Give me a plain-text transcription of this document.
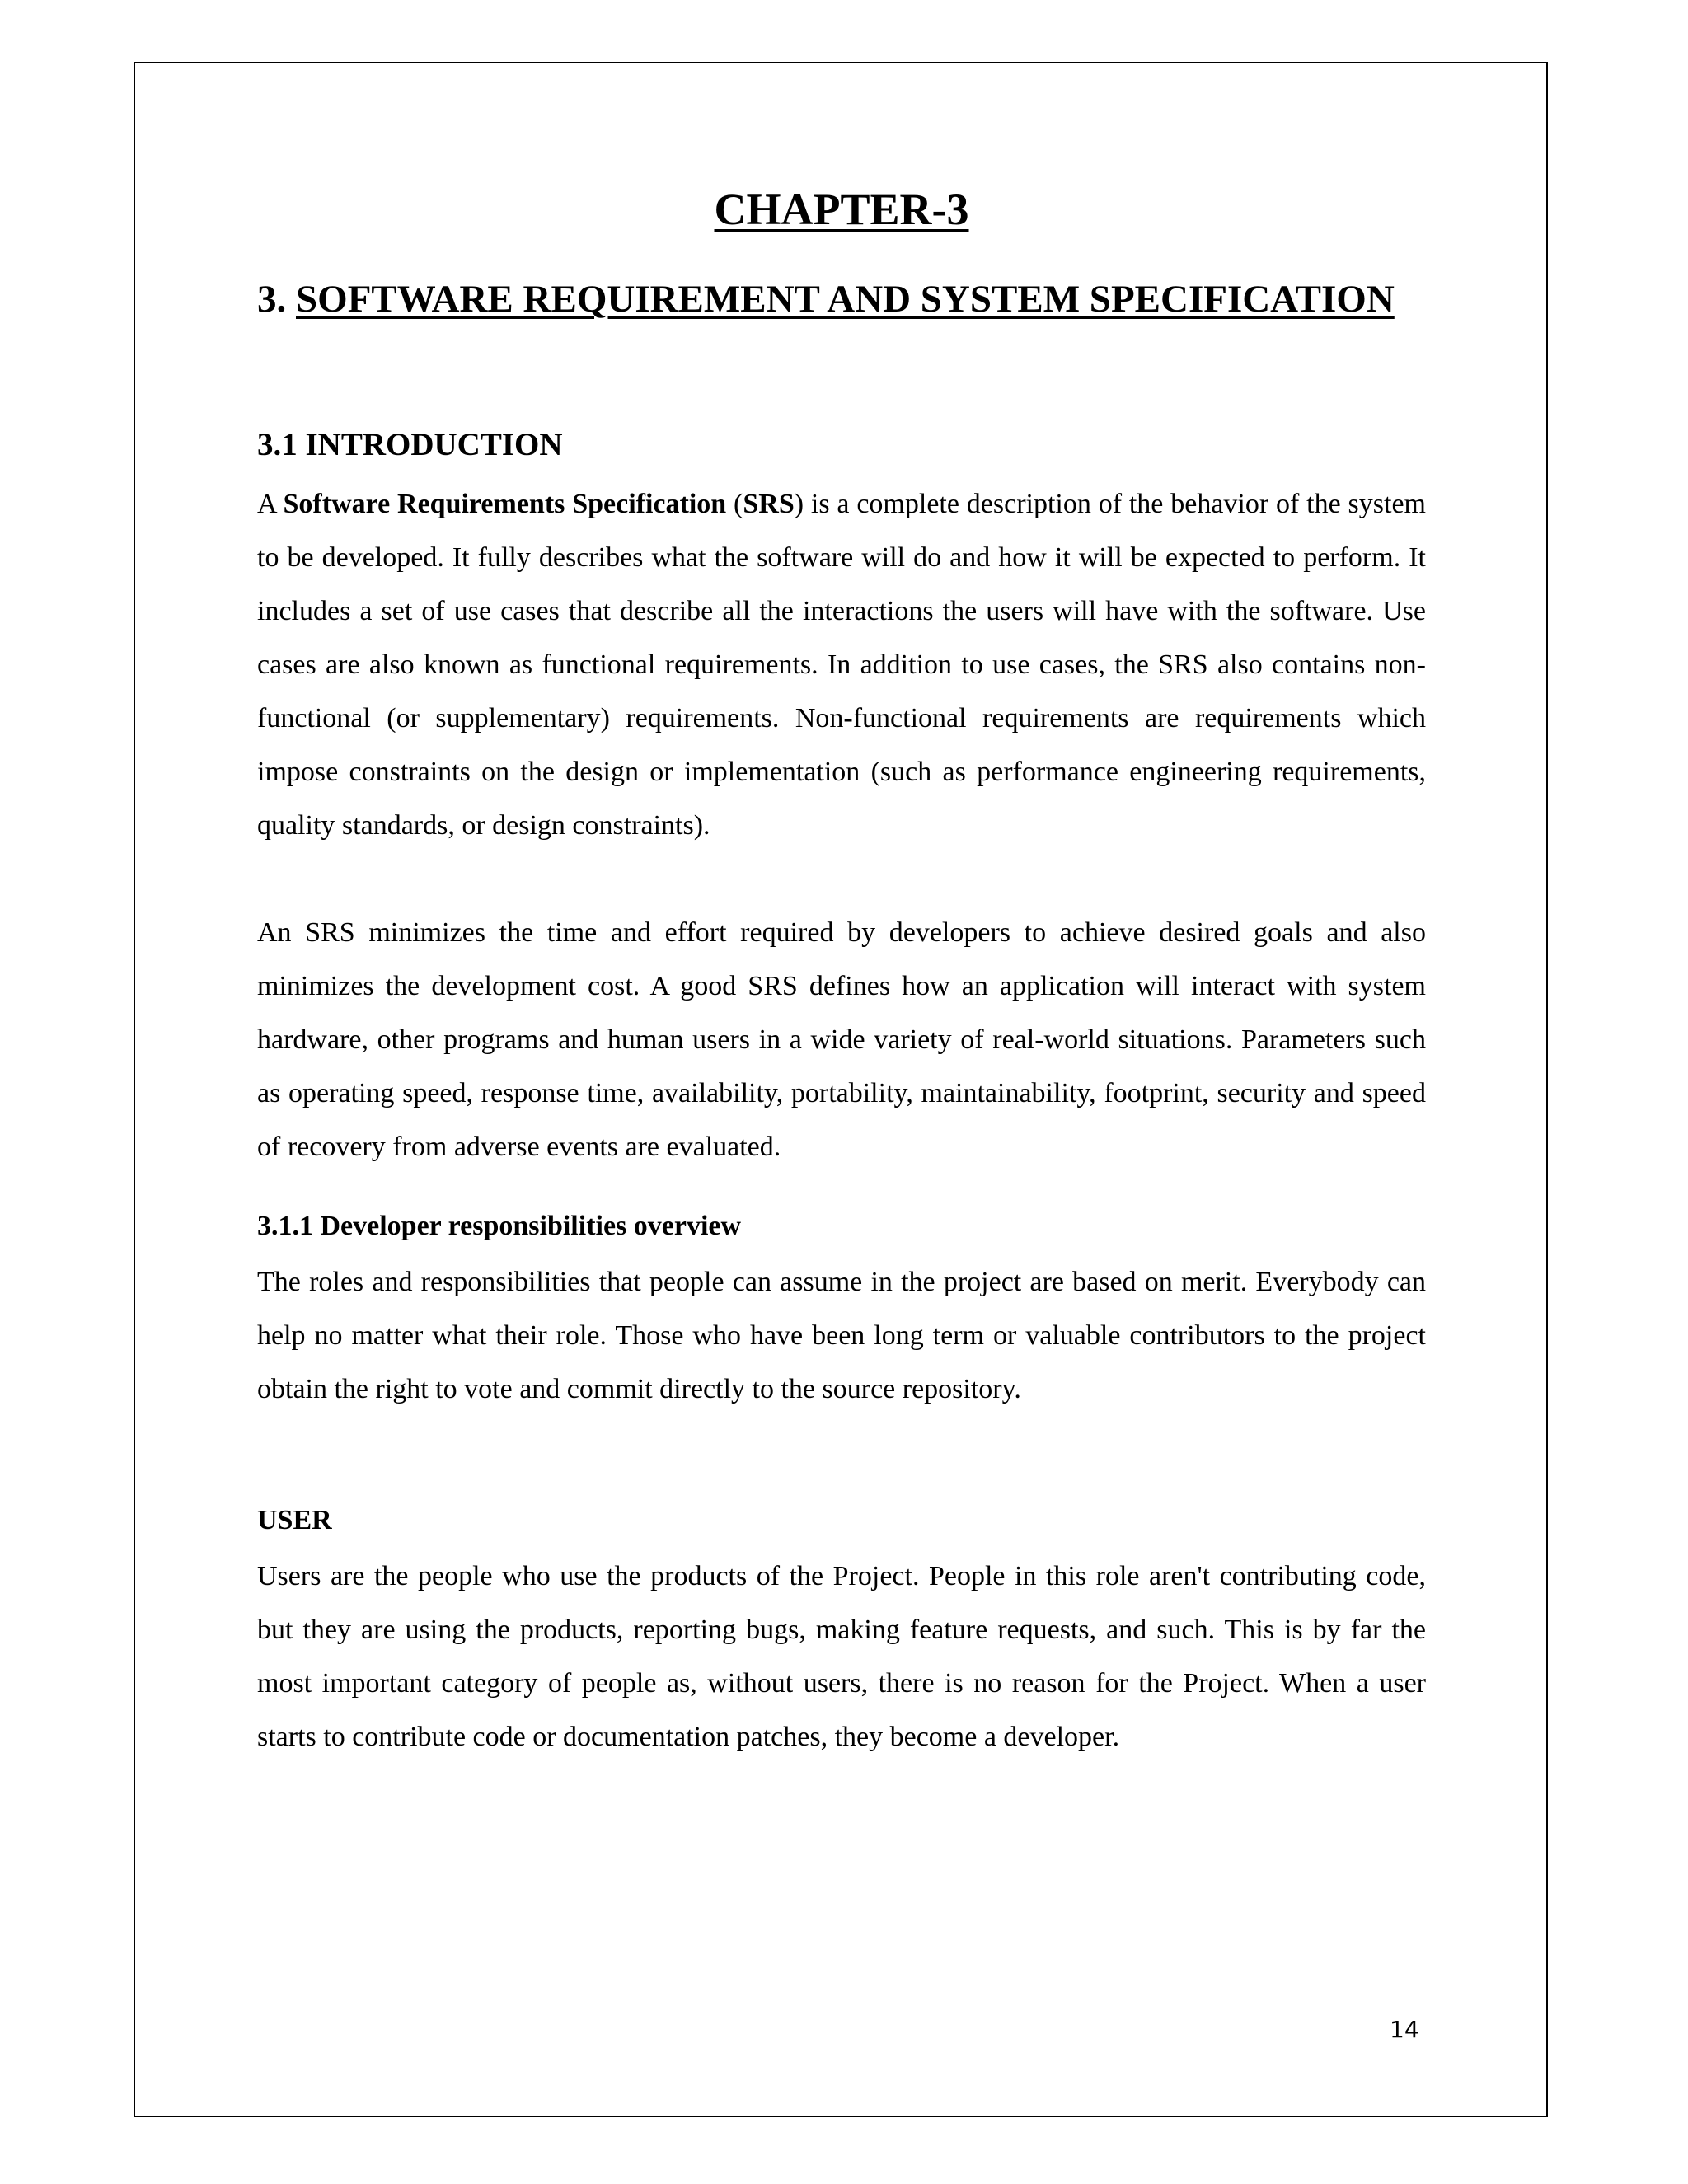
CHAPTER-3
3. SOFTWARE REQUIREMENT AND SYSTEM SPECIFICATION
3.1 INTRODUCTION

A Software Requirements Specification (SRS) is a complete description of the behavior of the system to be developed. It fully describes what the software will do and how it will be expected to perform. It includes a set of use cases that describe all the interactions the users will have with the software. Use cases are also known as functional requirements. In addition to use cases, the SRS also contains non-functional (or supplementary) requirements. Non-functional requirements are requirements which impose constraints on the design or implementation (such as performance engineering requirements, quality standards, or design constraints).

An SRS minimizes the time and effort required by developers to achieve desired goals and also minimizes the development cost. A good SRS defines how an application will interact with system hardware, other programs and human users in a wide variety of real-world situations. Parameters such as operating speed, response time, availability, portability, maintainability, footprint, security and speed of recovery from adverse events are evaluated.

3.1.1 Developer responsibilities overview

The roles and responsibilities that people can assume in the project are based on merit. Everybody can help no matter what their role. Those who have been long term or valuable contributors to the project obtain the right to vote and commit directly to the source repository.

USER

Users are the people who use the products of the Project. People in this role aren't contributing code, but they are using the products, reporting bugs, making feature requests, and such. This is by far the most important category of people as, without users, there is no reason for the Project. When a user starts to contribute code or documentation patches, they become a developer.

14
